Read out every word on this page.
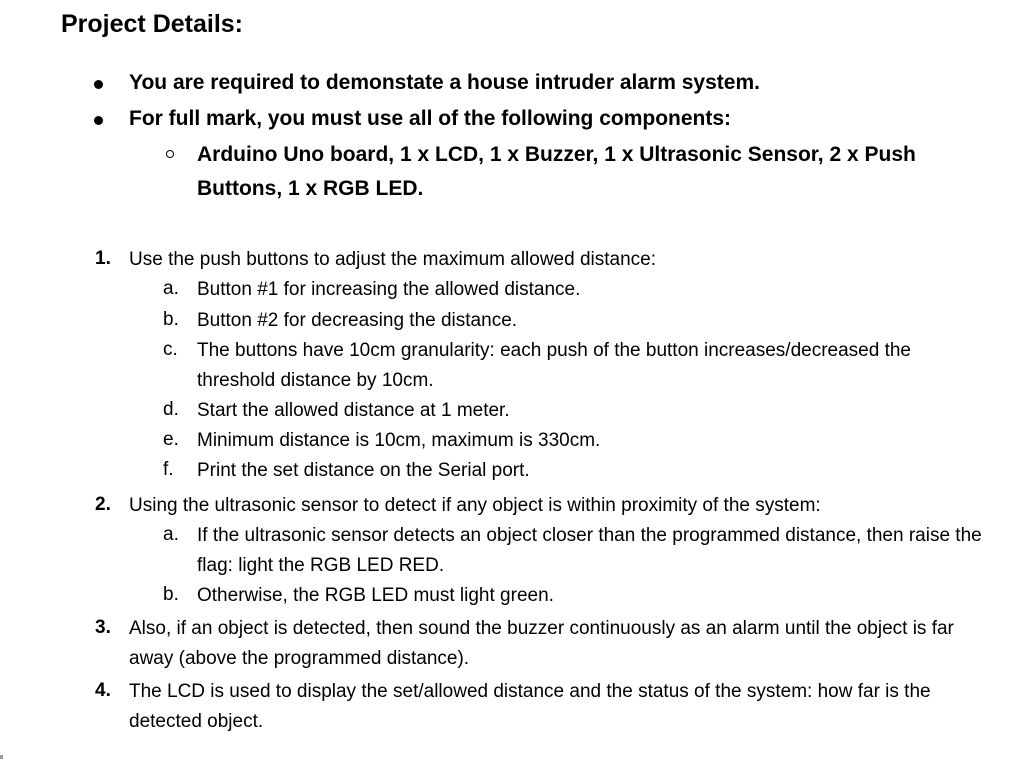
Project Details:
You are required to demonstate a house intruder alarm system.
For full mark, you must use all of the following components:
Arduino Uno board, 1 x LCD, 1 x Buzzer, 1 x Ultrasonic Sensor, 2 x Push Buttons, 1 x RGB LED.
1. Use the push buttons to adjust the maximum allowed distance:
a. Button #1 for increasing the allowed distance.
b. Button #2 for decreasing the distance.
c. The buttons have 10cm granularity: each push of the button increases/decreased the threshold distance by 10cm.
d. Start the allowed distance at 1 meter.
e. Minimum distance is 10cm, maximum is 330cm.
f. Print the set distance on the Serial port.
2. Using the ultrasonic sensor to detect if any object is within proximity of the system:
a. If the ultrasonic sensor detects an object closer than the programmed distance, then raise the flag: light the RGB LED RED.
b. Otherwise, the RGB LED must light green.
3. Also, if an object is detected, then sound the buzzer continuously as an alarm until the object is far away (above the programmed distance).
4. The LCD is used to display the set/allowed distance and the status of the system: how far is the detected object.
